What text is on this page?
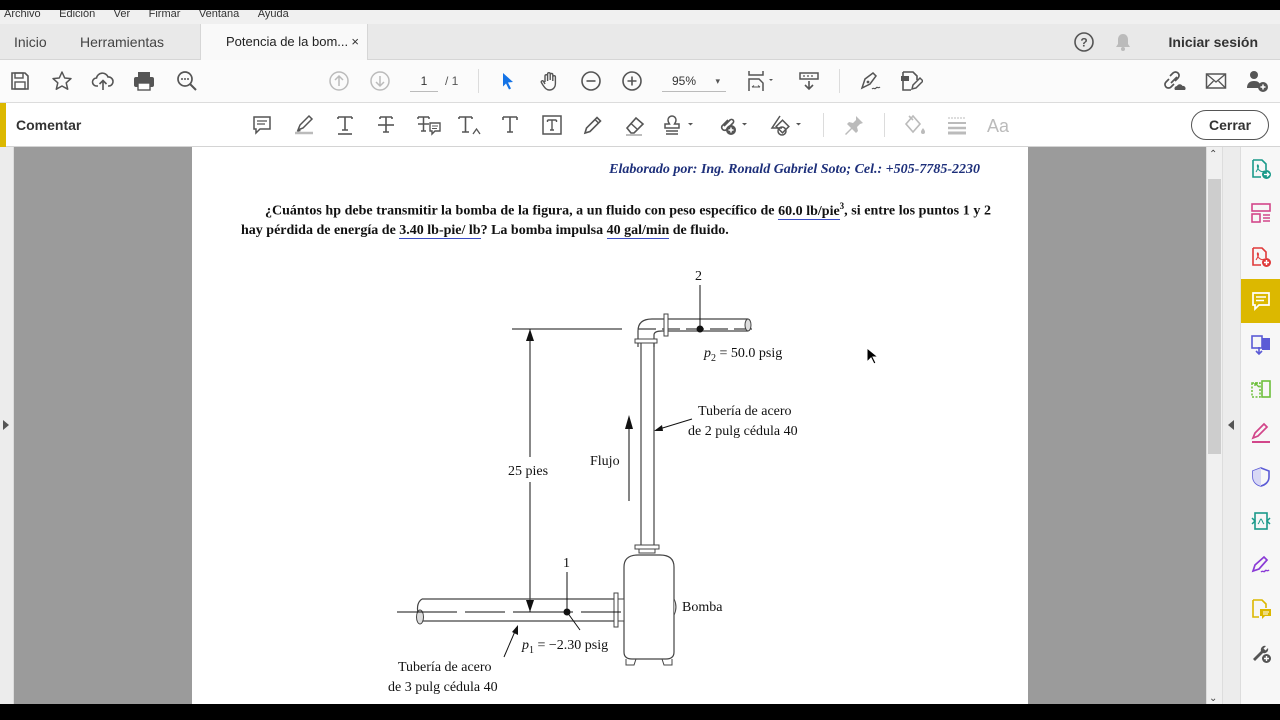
$^{Archivo}$ $^{Edición}$ $^{Ver}$ $^{Firmar}$ $^{Ventana}$ $^{Ayuda}$
Inicio Herramientas	Potencia de la bom... ×	?	Iniciar sesión
1	/ 1	95% ▾
Comentar	Aa	Cerrar
Elaborado por: Ing. Ronald Gabriel Soto; Cel.: +505-7785-2230
¿Cuántos hp debe transmitir la bomba de la figura, a un fluido con peso específico de 60.0 lb/pie$^3$, si entre los puntos 1 y 2 hay pérdida de energía de 3.40 lb-pie/ lb? La bomba impulsa 40 gal/min de fluido.
25 pies
2
$p_2 = 50.0$ psig
Tubería de acero
de 2 pulg cédula 40
Flujo
Bomba
1
$p_1 = -2.30$ psig
Tubería de acero
de 3 pulg cédula 40
⌃
⌄
